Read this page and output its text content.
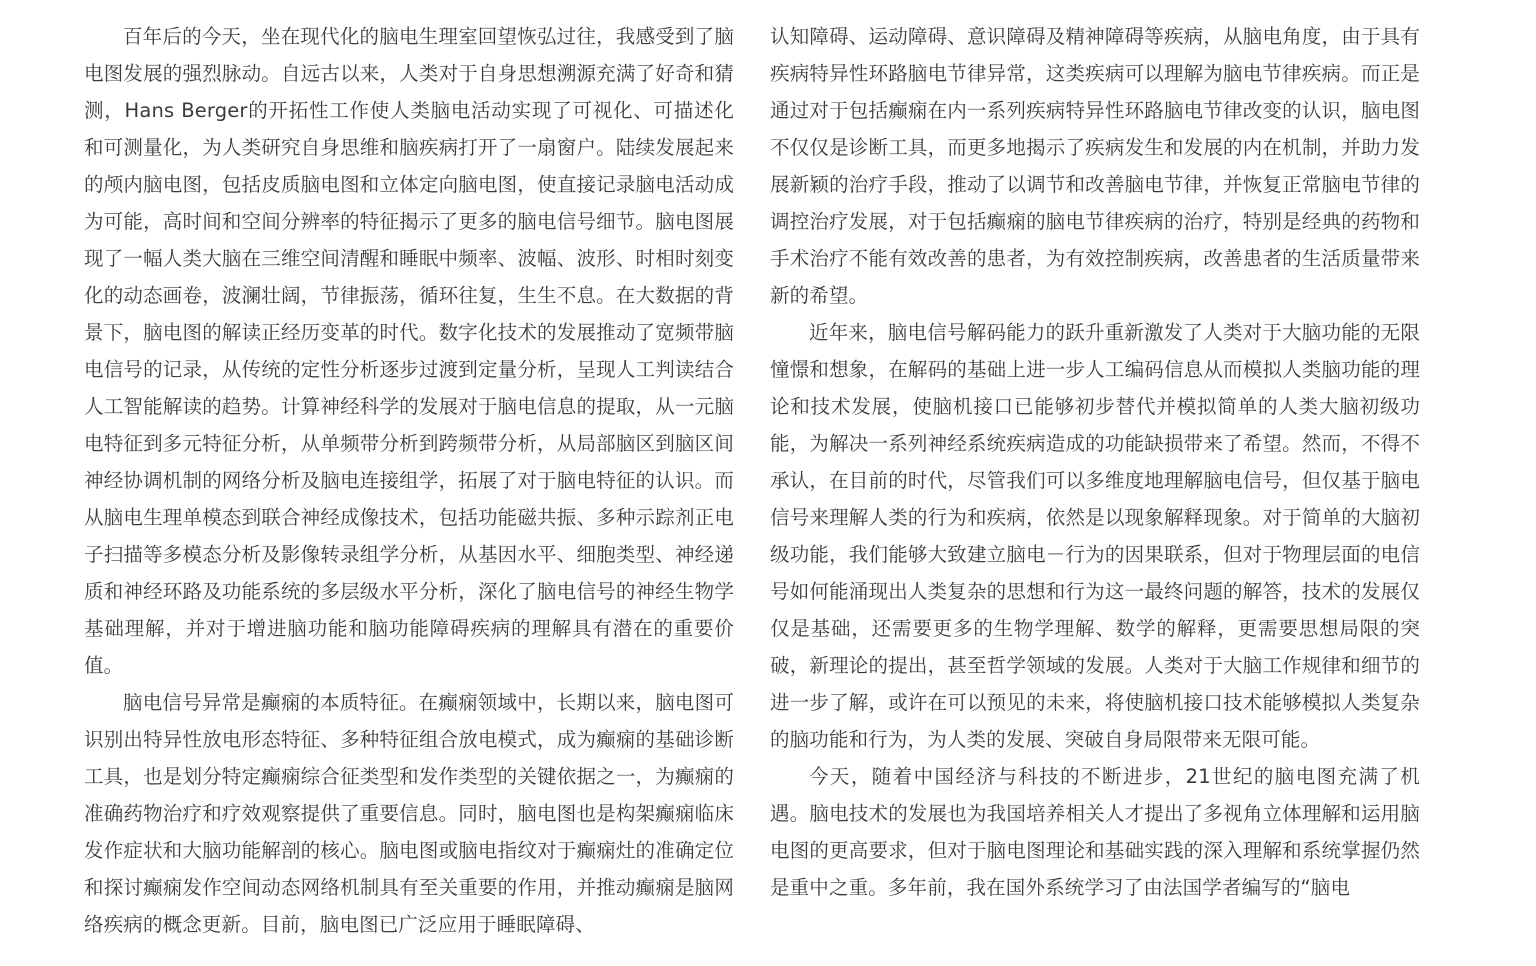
百年后的今天，坐在现代化的脑电生理室回望恢弘过往，我感受到了脑电图发展的强烈脉动。自远古以来，人类对于自身思想溯源充满了好奇和猜测，Hans Berger的开拓性工作使人类脑电活动实现了可视化、可描述化和可测量化，为人类研究自身思维和脑疾病打开了一扇窗户。陆续发展起来的颅内脑电图，包括皮质脑电图和立体定向脑电图，使直接记录脑电活动成为可能，高时间和空间分辨率的特征揭示了更多的脑电信号细节。脑电图展现了一幅人类大脑在三维空间清醒和睡眠中频率、波幅、波形、时相时刻变化的动态画卷，波澜壮阔，节律振荡，循环往复，生生不息。在大数据的背景下，脑电图的解读正经历变革的时代。数字化技术的发展推动了宽频带脑电信号的记录，从传统的定性分析逐步过渡到定量分析，呈现人工判读结合人工智能解读的趋势。计算神经科学的发展对于脑电信息的提取，从一元脑电特征到多元特征分析，从单频带分析到跨频带分析，从局部脑区到脑区间神经协调机制的网络分析及脑电连接组学，拓展了对于脑电特征的认识。而从脑电生理单模态到联合神经成像技术，包括功能磁共振、多种示踪剂正电子扫描等多模态分析及影像转录组学分析，从基因水平、细胞类型、神经递质和神经环路及功能系统的多层级水平分析，深化了脑电信号的神经生物学基础理解，并对于增进脑功能和脑功能障碍疾病的理解具有潜在的重要价值。

脑电信号异常是癫痫的本质特征。在癫痫领域中，长期以来，脑电图可识别出特异性放电形态特征、多种特征组合放电模式，成为癫痫的基础诊断工具，也是划分特定癫痫综合征类型和发作类型的关键依据之一，为癫痫的准确药物治疗和疗效观察提供了重要信息。同时，脑电图也是构架癫痫临床发作症状和大脑功能解剖的核心。脑电图或脑电指纹对于癫痫灶的准确定位和探讨癫痫发作空间动态网络机制具有至关重要的作用，并推动癫痫是脑网络疾病的概念更新。目前，脑电图已广泛应用于睡眠障碍、

认知障碍、运动障碍、意识障碍及精神障碍等疾病，从脑电角度，由于具有疾病特异性环路脑电节律异常，这类疾病可以理解为脑电节律疾病。而正是通过对于包括癫痫在内一系列疾病特异性环路脑电节律改变的认识，脑电图不仅仅是诊断工具，而更多地揭示了疾病发生和发展的内在机制，并助力发展新颖的治疗手段，推动了以调节和改善脑电节律，并恢复正常脑电节律的调控治疗发展，对于包括癫痫的脑电节律疾病的治疗，特别是经典的药物和手术治疗不能有效改善的患者，为有效控制疾病，改善患者的生活质量带来新的希望。

近年来，脑电信号解码能力的跃升重新激发了人类对于大脑功能的无限憧憬和想象，在解码的基础上进一步人工编码信息从而模拟人类脑功能的理论和技术发展，使脑机接口已能够初步替代并模拟简单的人类大脑初级功能，为解决一系列神经系统疾病造成的功能缺损带来了希望。然而，不得不承认，在目前的时代，尽管我们可以多维度地理解脑电信号，但仅基于脑电信号来理解人类的行为和疾病，依然是以现象解释现象。对于简单的大脑初级功能，我们能够大致建立脑电－行为的因果联系，但对于物理层面的电信号如何能涌现出人类复杂的思想和行为这一最终问题的解答，技术的发展仅仅是基础，还需要更多的生物学理解、数学的解释，更需要思想局限的突破，新理论的提出，甚至哲学领域的发展。人类对于大脑工作规律和细节的进一步了解，或许在可以预见的未来，将使脑机接口技术能够模拟人类复杂的脑功能和行为，为人类的发展、突破自身局限带来无限可能。

今天，随着中国经济与科技的不断进步，21世纪的脑电图充满了机遇。脑电技术的发展也为我国培养相关人才提出了多视角立体理解和运用脑电图的更高要求，但对于脑电图理论和基础实践的深入理解和系统掌握仍然是重中之重。多年前，我在国外系统学习了由法国学者编写的“脑电
